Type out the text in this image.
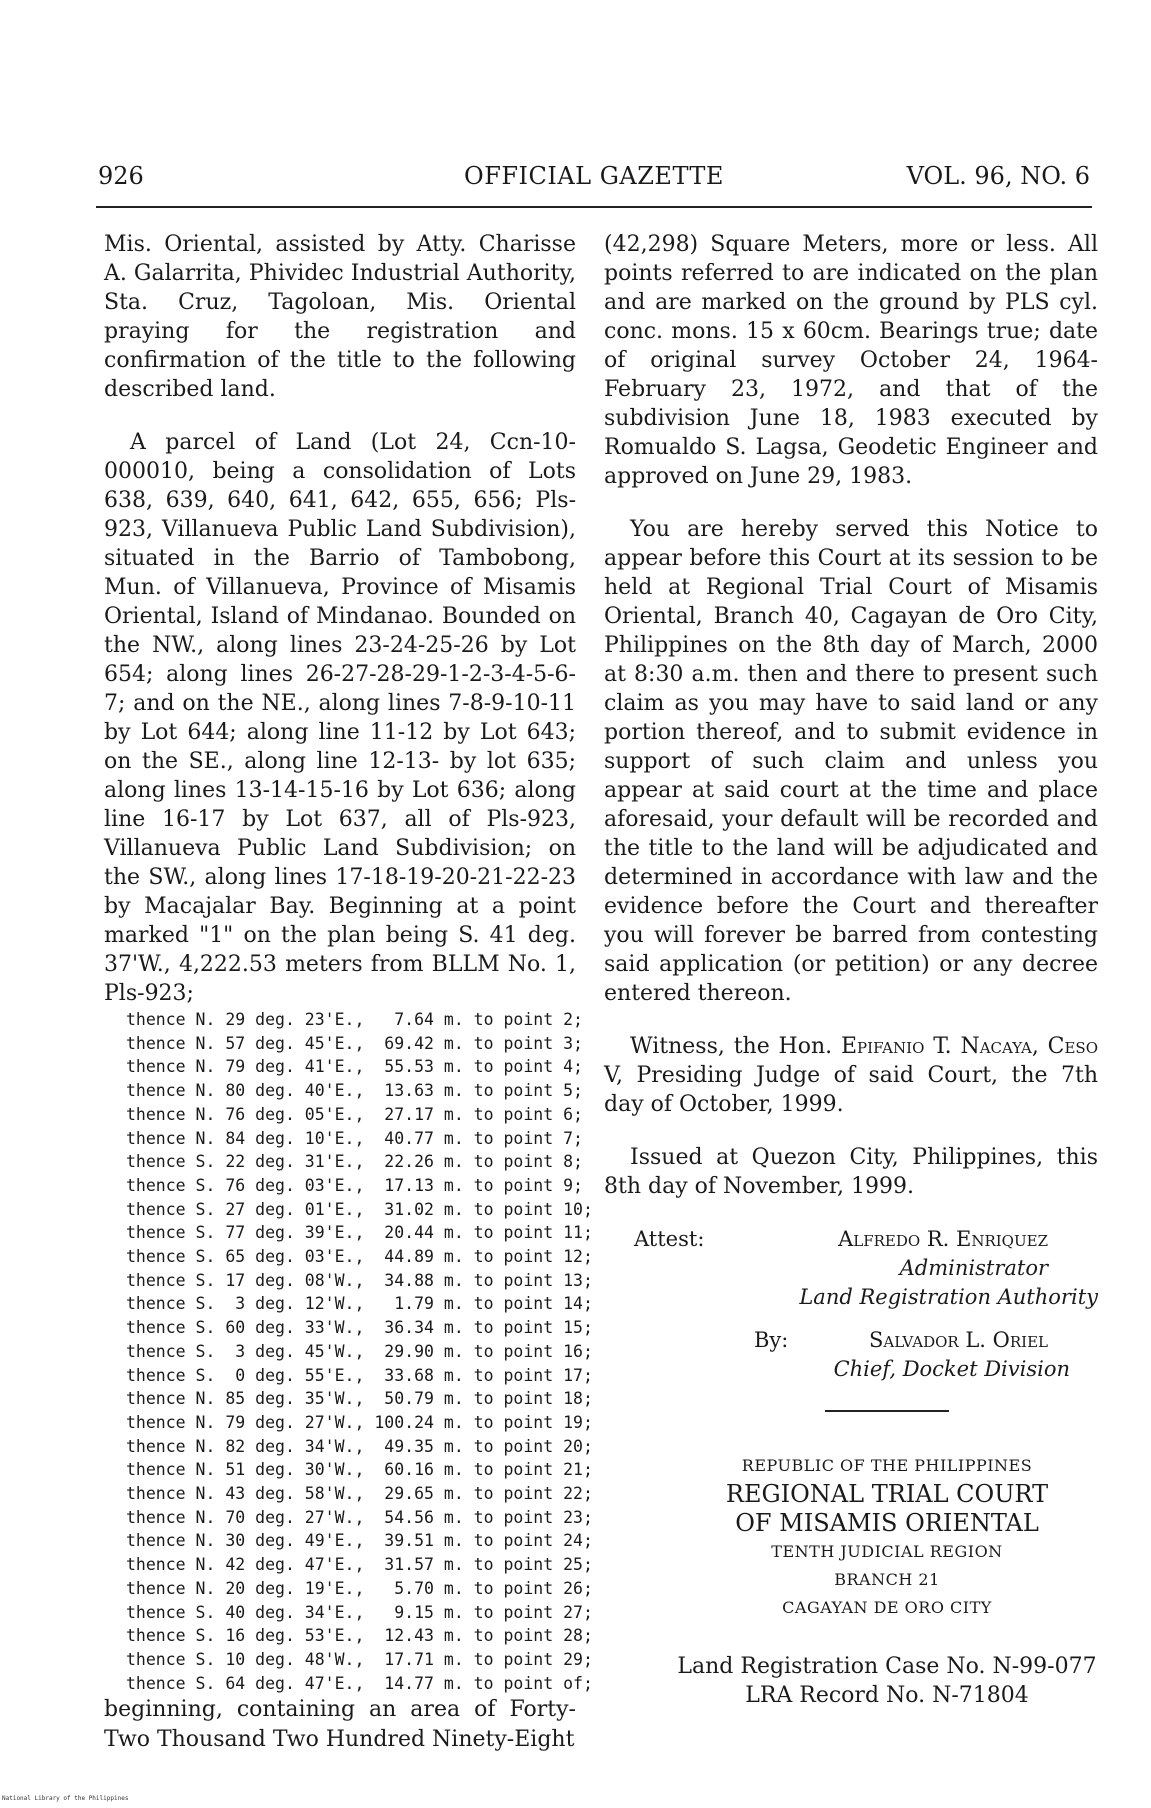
926	OFFICIAL GAZETTE	VOL. 96, NO. 6

Mis. Oriental, assisted by Atty. Charisse A. Galarrita, Phividec Industrial Authority, Sta. Cruz, Tagoloan, Mis. Oriental praying for the registration and confirmation of the title to the following described land.

A parcel of Land (Lot 24, Ccn-10-000010, being a consolidation of Lots 638, 639, 640, 641, 642, 655, 656; Pls-923, Villanueva Public Land Subdivision), situated in the Barrio of Tambobong, Mun. of Villanueva, Province of Misamis Oriental, Island of Mindanao. Bounded on the NW., along lines 23-24-25-26 by Lot 654; along lines 26-27-28-29-1-2-3-4-5-6-7; and on the NE., along lines 7-8-9-10-11 by Lot 644; along line 11-12 by Lot 643; on the SE., along line 12-13- by lot 635; along lines 13-14-15-16 by Lot 636; along line 16-17 by Lot 637, all of Pls-923, Villanueva Public Land Subdivision; on the SW., along lines 17-18-19-20-21-22-23 by Macajalar Bay. Beginning at a point marked "1" on the plan being S. 41 deg. 37'W., 4,222.53 meters from BLLM No. 1, Pls-923;

thence N. 29 deg. 23'E.,   7.64 m. to point 2;
thence N. 57 deg. 45'E.,  69.42 m. to point 3;
thence N. 79 deg. 41'E.,  55.53 m. to point 4;
thence N. 80 deg. 40'E.,  13.63 m. to point 5;
thence N. 76 deg. 05'E.,  27.17 m. to point 6;
thence N. 84 deg. 10'E.,  40.77 m. to point 7;
thence S. 22 deg. 31'E.,  22.26 m. to point 8;
thence S. 76 deg. 03'E.,  17.13 m. to point 9;
thence S. 27 deg. 01'E.,  31.02 m. to point 10;
thence S. 77 deg. 39'E.,  20.44 m. to point 11;
thence S. 65 deg. 03'E.,  44.89 m. to point 12;
thence S. 17 deg. 08'W.,  34.88 m. to point 13;
thence S.  3 deg. 12'W.,   1.79 m. to point 14;
thence S. 60 deg. 33'W.,  36.34 m. to point 15;
thence S.  3 deg. 45'W.,  29.90 m. to point 16;
thence S.  0 deg. 55'E.,  33.68 m. to point 17;
thence N. 85 deg. 35'W.,  50.79 m. to point 18;
thence N. 79 deg. 27'W., 100.24 m. to point 19;
thence N. 82 deg. 34'W.,  49.35 m. to point 20;
thence N. 51 deg. 30'W.,  60.16 m. to point 21;
thence N. 43 deg. 58'W.,  29.65 m. to point 22;
thence N. 70 deg. 27'W.,  54.56 m. to point 23;
thence N. 30 deg. 49'E.,  39.51 m. to point 24;
thence N. 42 deg. 47'E.,  31.57 m. to point 25;
thence N. 20 deg. 19'E.,   5.70 m. to point 26;
thence S. 40 deg. 34'E.,   9.15 m. to point 27;
thence S. 16 deg. 53'E.,  12.43 m. to point 28;
thence S. 10 deg. 48'W.,  17.71 m. to point 29;
thence S. 64 deg. 47'E.,  14.77 m. to point of;

beginning, containing an area of Forty-Two Thousand Two Hundred Ninety-Eight

(42,298) Square Meters, more or less. All points referred to are indicated on the plan and are marked on the ground by PLS cyl. conc. mons. 15 x 60cm. Bearings true; date of original survey October 24, 1964-February 23, 1972, and that of the subdivision June 18, 1983 executed by Romualdo S. Lagsa, Geodetic Engineer and approved on June 29, 1983.

You are hereby served this Notice to appear before this Court at its session to be held at Regional Trial Court of Misamis Oriental, Branch 40, Cagayan de Oro City, Philippines on the 8th day of March, 2000 at 8:30 a.m. then and there to present such claim as you may have to said land or any portion thereof, and to submit evidence in support of such claim and unless you appear at said court at the time and place aforesaid, your default will be recorded and the title to the land will be adjudicated and determined in accordance with law and the evidence before the Court and thereafter you will forever be barred from contesting said application (or petition) or any decree entered thereon.

Witness, the Hon. Epifanio T. Nacaya, Ceso V, Presiding Judge of said Court, the 7th day of October, 1999.

Issued at Quezon City, Philippines, this 8th day of November, 1999.

Attest:	Alfredo R. Enriquez
Administrator
Land Registration Authority
By:	Salvador L. Oriel
Chief, Docket Division
REPUBLIC OF THE PHILIPPINES
REGIONAL TRIAL COURT
OF MISAMIS ORIENTAL
TENTH JUDICIAL REGION
BRANCH 21
CAGAYAN DE ORO CITY
Land Registration Case No. N-99-077
LRA Record No. N-71804
National Library of the Philippines
